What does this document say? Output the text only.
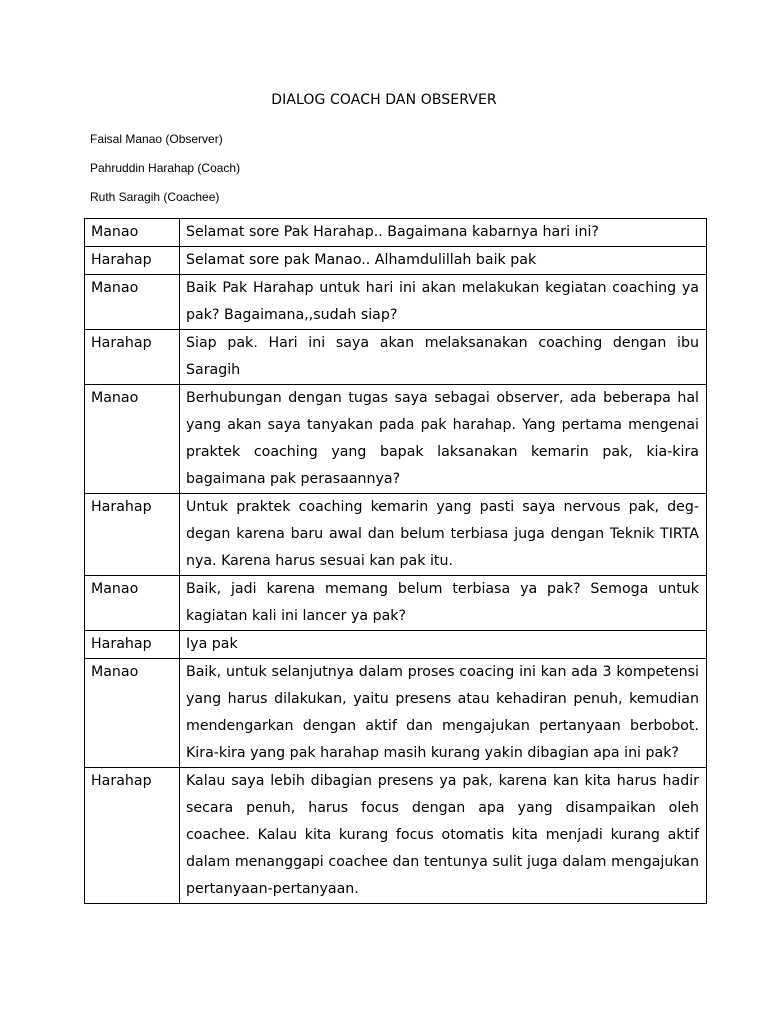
DIALOG COACH DAN OBSERVER
Faisal Manao (Observer)
Pahruddin Harahap (Coach)
Ruth Saragih (Coachee)
Manao	Selamat sore Pak Harahap.. Bagaimana kabarnya hari ini?
Harahap	Selamat sore pak Manao.. Alhamdulillah baik pak
Manao	Baik Pak Harahap untuk hari ini akan melakukan kegiatan coaching ya pak? Bagaimana,,sudah siap?
Harahap	Siap pak. Hari ini saya akan melaksanakan coaching dengan ibu Saragih
Manao	Berhubungan dengan tugas saya sebagai observer, ada beberapa hal yang akan saya tanyakan pada pak harahap. Yang pertama mengenai praktek coaching yang bapak laksanakan kemarin pak, kia-kira bagaimana pak perasaannya?
Harahap	Untuk praktek coaching kemarin yang pasti saya nervous pak, deg-degan karena baru awal dan belum terbiasa juga dengan Teknik TIRTA nya. Karena harus sesuai kan pak itu.
Manao	Baik, jadi karena memang belum terbiasa ya pak? Semoga untuk kagiatan kali ini lancer ya pak?
Harahap	Iya pak
Manao	Baik, untuk selanjutnya dalam proses coacing ini kan ada 3 kompetensi yang harus dilakukan, yaitu presens atau kehadiran penuh, kemudian mendengarkan dengan aktif dan mengajukan pertanyaan berbobot. Kira-kira yang pak harahap masih kurang yakin dibagian apa ini pak?
Harahap	Kalau saya lebih dibagian presens ya pak, karena kan kita harus hadir secara penuh, harus focus dengan apa yang disampaikan oleh coachee. Kalau kita kurang focus otomatis kita menjadi kurang aktif dalam menanggapi coachee dan tentunya sulit juga dalam mengajukan pertanyaan-pertanyaan.
